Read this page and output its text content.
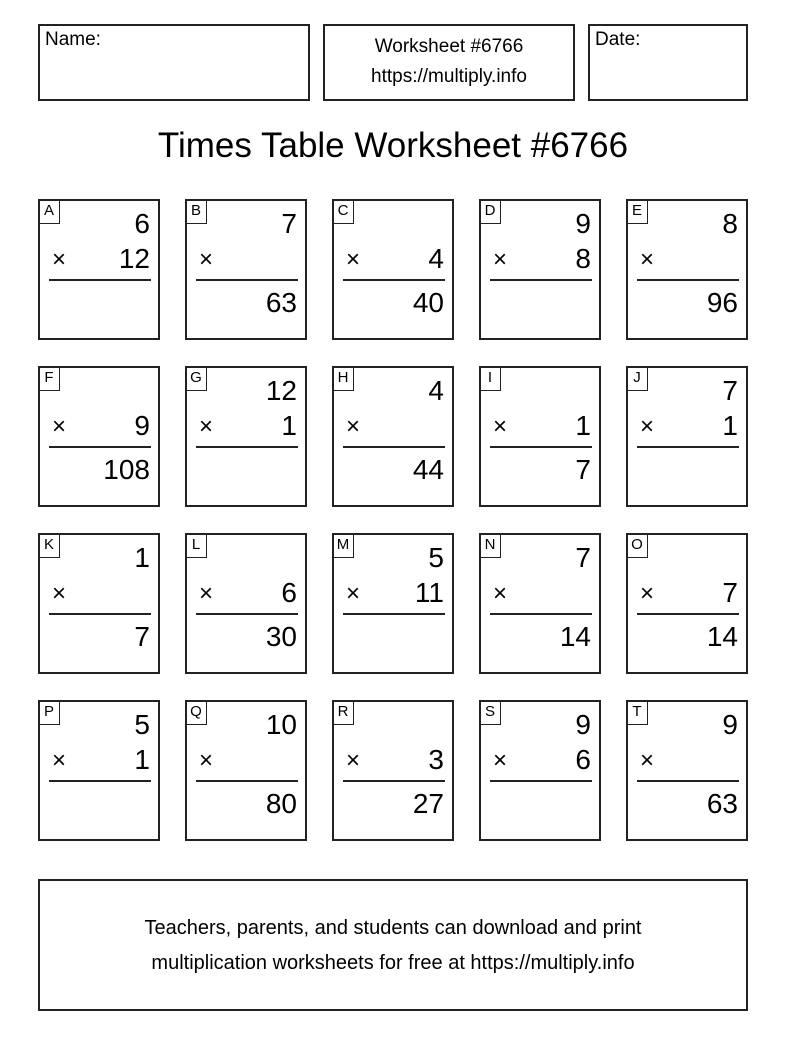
Name:	Worksheet #6766
https://multiply.info
Date:
Times Table Worksheet #6766
A	6
× 12
B	7
×
63
C
× 4
40
D	9
× 8
E	8
×
96
F
× 9
108
G 12
× 1
H	4
×
44
I
× 1
7
J	7
× 1
K	1
×
7
L
× 6
30
M	5
× 11
N	7
×
14
O
× 7
14
P	5
× 1
Q 10
×
80
R
× 3
27
S	9
× 6
T	9
×
63
Teachers, parents, and students can download and print
multiplication worksheets for free at https://multiply.info
